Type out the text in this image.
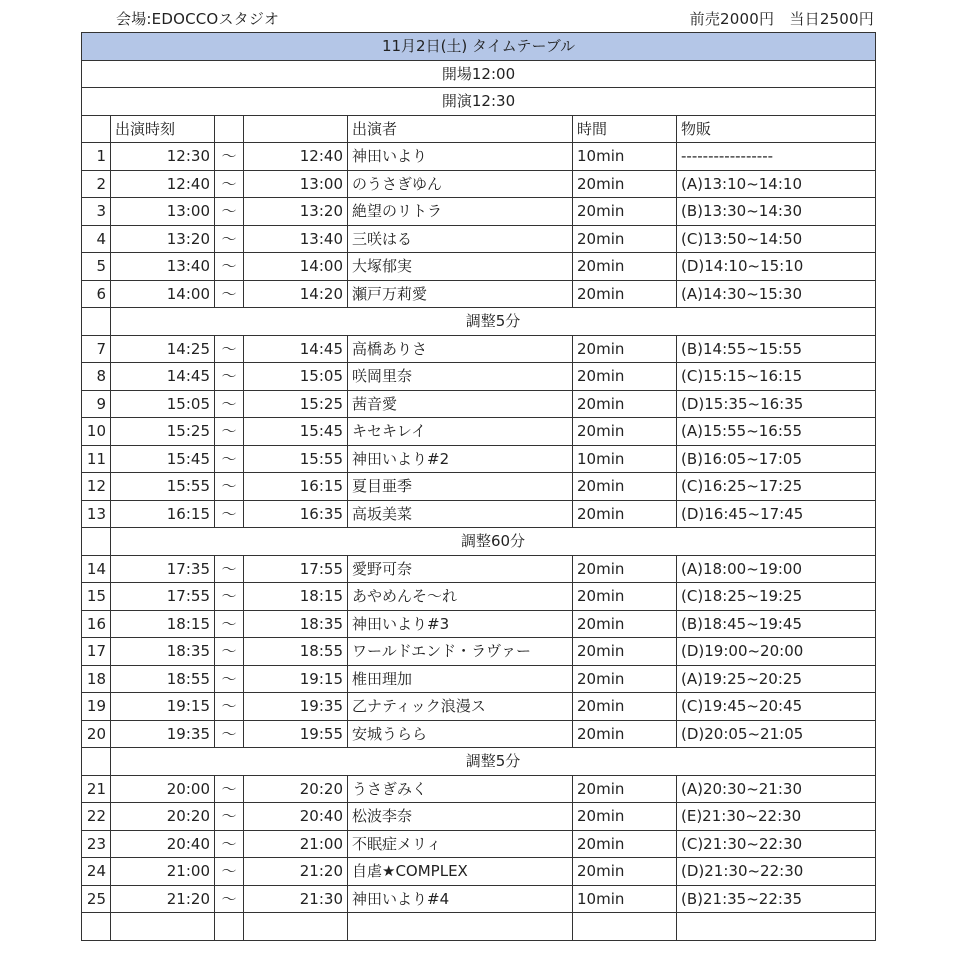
会場:EDOCCOスタジオ	前売2000円　当日2500円
11月2日(土) タイムテーブル						
開場12:00						
開演12:30						
	出演時刻			出演者	時間	物販
1	12:30	〜	12:40	神田いより	10min	-----------------
2	12:40	〜	13:00	のうさぎゆん	20min	(A)13:10~14:10
3	13:00	〜	13:20	絶望のリトラ	20min	(B)13:30~14:30
4	13:20	〜	13:40	三咲はる	20min	(C)13:50~14:50
5	13:40	〜	14:00	大塚郁実	20min	(D)14:10~15:10
6	14:00	〜	14:20	瀬戸万莉愛	20min	(A)14:30~15:30
	調整5分					
7	14:25	〜	14:45	高橋ありさ	20min	(B)14:55~15:55
8	14:45	〜	15:05	咲岡里奈	20min	(C)15:15~16:15
9	15:05	〜	15:25	茜音愛	20min	(D)15:35~16:35
10	15:25	〜	15:45	キセキレイ	20min	(A)15:55~16:55
11	15:45	〜	15:55	神田いより#2	10min	(B)16:05~17:05
12	15:55	〜	16:15	夏目亜季	20min	(C)16:25~17:25
13	16:15	〜	16:35	高坂美菜	20min	(D)16:45~17:45
	調整60分					
14	17:35	〜	17:55	愛野可奈	20min	(A)18:00~19:00
15	17:55	〜	18:15	あやめんそ〜れ	20min	(C)18:25~19:25
16	18:15	〜	18:35	神田いより#3	20min	(B)18:45~19:45
17	18:35	〜	18:55	ワールドエンド・ラヴァー	20min	(D)19:00~20:00
18	18:55	〜	19:15	椎田理加	20min	(A)19:25~20:25
19	19:15	〜	19:35	乙ナティック浪漫ス	20min	(C)19:45~20:45
20	19:35	〜	19:55	安城うらら	20min	(D)20:05~21:05
	調整5分					
21	20:00	〜	20:20	うさぎみく	20min	(A)20:30~21:30
22	20:20	〜	20:40	松波李奈	20min	(E)21:30~22:30
23	20:40	〜	21:00	不眠症メリィ	20min	(C)21:30~22:30
24	21:00	〜	21:20	自虐★COMPLEX	20min	(D)21:30~22:30
25	21:20	〜	21:30	神田いより#4	10min	(B)21:35~22:35
